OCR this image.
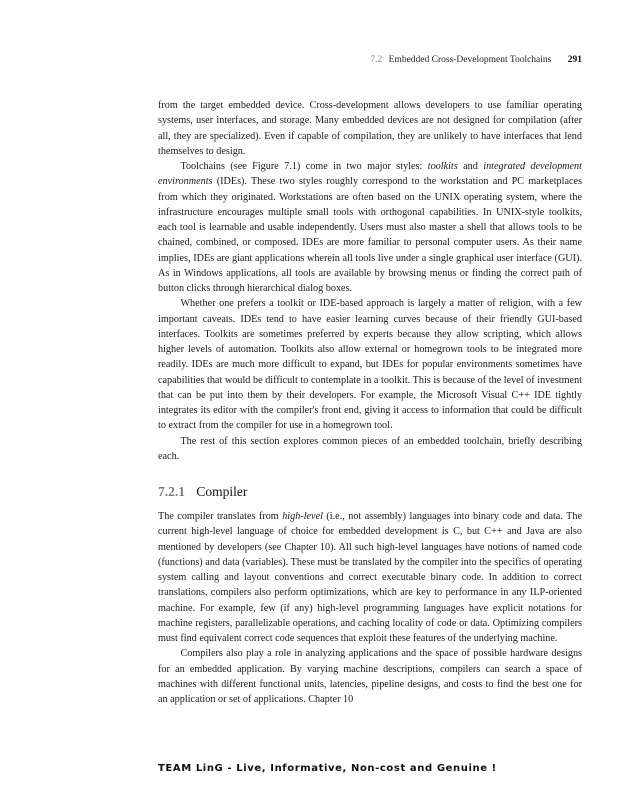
7.2 Embedded Cross-Development Toolchains 291

from the target embedded device. Cross-development allows developers to use familiar operating systems, user interfaces, and storage. Many embedded devices are not designed for compilation (after all, they are specialized). Even if capable of compilation, they are unlikely to have interfaces that lend themselves to design.

Toolchains (see Figure 7.1) come in two major styles: toolkits and integrated development environments (IDEs). These two styles roughly correspond to the workstation and PC marketplaces from which they originated. Workstations are often based on the UNIX operating system, where the infrastructure encourages multiple small tools with orthogonal capabilities. In UNIX-style toolkits, each tool is learnable and usable independently. Users must also master a shell that allows tools to be chained, combined, or composed. IDEs are more familiar to personal computer users. As their name implies, IDEs are giant applications wherein all tools live under a single graphical user interface (GUI). As in Windows applications, all tools are available by browsing menus or finding the correct path of button clicks through hierarchical dialog boxes.

Whether one prefers a toolkit or IDE-based approach is largely a matter of religion, with a few important caveats. IDEs tend to have easier learning curves because of their friendly GUI-based interfaces. Toolkits are sometimes preferred by experts because they allow scripting, which allows higher levels of automation. Toolkits also allow external or homegrown tools to be integrated more readily. IDEs are much more difficult to expand, but IDEs for popular environments sometimes have capabilities that would be difficult to contemplate in a toolkit. This is because of the level of investment that can be put into them by their developers. For example, the Microsoft Visual C++ IDE tightly integrates its editor with the compiler's front end, giving it access to information that could be difficult to extract from the compiler for use in a homegrown tool.

The rest of this section explores common pieces of an embedded toolchain, briefly describing each.

7.2.1 Compiler

The compiler translates from high-level (i.e., not assembly) languages into binary code and data. The current high-level language of choice for embedded development is C, but C++ and Java are also mentioned by developers (see Chapter 10). All such high-level languages have notions of named code (functions) and data (variables). These must be translated by the compiler into the specifics of operating system calling and layout conventions and correct executable binary code. In addition to correct translations, compilers also perform optimizations, which are key to performance in any ILP-oriented machine. For example, few (if any) high-level programming languages have explicit notations for machine registers, parallelizable operations, and caching locality of code or data. Optimizing compilers must find equivalent correct code sequences that exploit these features of the underlying machine.

Compilers also play a role in analyzing applications and the space of possible hardware designs for an embedded application. By varying machine descriptions, compilers can search a space of machines with different functional units, latencies, pipeline designs, and costs to find the best one for an application or set of applications. Chapter 10

TEAM LinG - Live, Informative, Non-cost and Genuine !
